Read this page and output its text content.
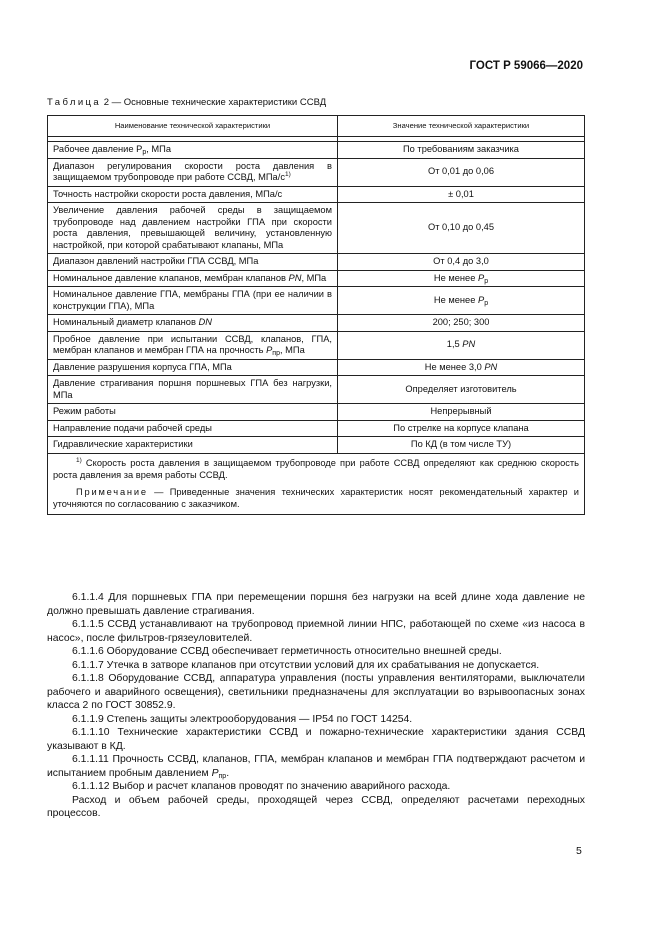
ГОСТ Р 59066—2020
Таблица 2 — Основные технические характеристики ССВД
Наименование технической характеристики	Значение технической характеристики

Рабочее давление $P_р$, МПа	По требованиям заказчика
Диапазон регулирования скорости роста давления в защищаемом трубопроводе при работе ССВД, МПа/$с^{1)}$	От 0,01 до 0,06
Точность настройки скорости роста давления, МПа/с	± 0,01
Увеличение давления рабочей среды в защищаемом трубопроводе над давлением настройки ГПА при скорости роста давления, превышающей величину, установленную настройкой, при которой срабатывают клапаны, МПа	От 0,10 до 0,45
Диапазон давлений настройки ГПА ССВД, МПа	От 0,4 до 3,0
Номинальное давление клапанов, мембран клапанов PN, МПа	Не менее $P_р$
Номинальное давление ГПА, мембраны ГПА (при ее наличии в конструкции ГПА), МПа	Не менее $P_р$
Номинальный диаметр клапанов DN	200; 250; 300
Пробное давление при испытании ССВД, клапанов, ГПА, мембран клапанов и мембран ГПА на прочность $P_{пр}$, МПа	1,5 PN
Давление разрушения корпуса ГПА, МПа	Не менее 3,0 PN
Давление страгивания поршня поршневых ГПА без нагрузки, МПа	Определяет изготовитель
Режим работы	Непрерывный
Направление подачи рабочей среды	По стрелке на корпусе клапана
Гидравлические характеристики	По КД (в том числе ТУ)

$^{1)}$ Скорость роста давления в защищаемом трубопроводе при работе ССВД определяют как среднюю скорость роста давления за время работы ССВД.

Примечание — Приведенные значения технических характеристик носят рекомендательный характер и уточняются по согласованию с заказчиком.	

6.1.1.4 Для поршневых ГПА при перемещении поршня без нагрузки на всей длине хода давление не должно превышать давление страгивания.

6.1.1.5 ССВД устанавливают на трубопровод приемной линии НПС, работающей по схеме «из насоса в насос», после фильтров-грязеуловителей.

6.1.1.6 Оборудование ССВД обеспечивает герметичность относительно внешней среды.

6.1.1.7 Утечка в затворе клапанов при отсутствии условий для их срабатывания не допускается.

6.1.1.8 Оборудование ССВД, аппаратура управления (посты управления вентиляторами, выключатели рабочего и аварийного освещения), светильники предназначены для эксплуатации во взрывоопасных зонах класса 2 по ГОСТ 30852.9.

6.1.1.9 Степень защиты электрооборудования — IP54 по ГОСТ 14254.

6.1.1.10 Технические характеристики ССВД и пожарно-технические характеристики здания ССВД указывают в КД.

6.1.1.11 Прочность ССВД, клапанов, ГПА, мембран клапанов и мембран ГПА подтверждают расчетом и испытанием пробным давлением $P_{пр}$.

6.1.1.12 Выбор и расчет клапанов проводят по значению аварийного расхода.

Расход и объем рабочей среды, проходящей через ССВД, определяют расчетами переходных процессов.

5
